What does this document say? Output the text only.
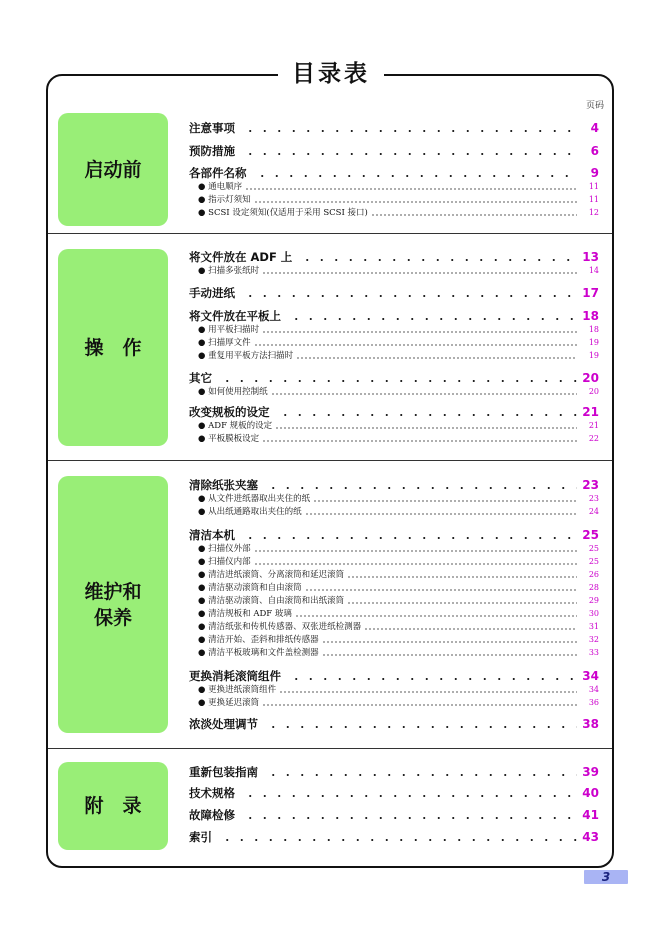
目录表
页码
启动前
操　作
维护和
保养
附　录
注意事项	4
预防措施	6
各部件名称	9
将文件放在 ADF 上	13
手动进纸	17
将文件放在平板上	18
其它	20
改变规板的设定	21
清除纸张夹塞	23
清洁本机	25
更换消耗滚筒组件	34
浓淡处理调节	38
重新包装指南	39
技术规格	40
故障检修	41
索引	43
● 通电顺序	11
● 指示灯须知	11
● SCSI 设定须知(仅适用于采用 SCSI 接口)	12
● 扫描多张纸时	14
● 用平板扫描时	18
● 扫描厚文件	19
● 重复用平板方法扫描时	19
● 如何使用控制纸	20
● ADF 规板的设定	21
● 平板膜板设定	22
● 从文件进纸器取出夹住的纸	23
● 从出纸通路取出夹住的纸	24
● 扫描仪外部	25
● 扫描仪内部	25
● 清洁进纸滚筒、分离滚筒和延迟滚筒	26
● 清洁驱动滚筒和自由滚筒	28
● 清洁驱动滚筒、自由滚筒和出纸滚筒	29
● 清洁规板和 ADF 玻璃	30
● 清洁纸张和传机传感器、双张进纸检测器	31
● 清洁开始、歪斜和排纸传感器	32
● 清洁平板玻璃和文件盖检测器	33
● 更换进纸滚筒组件	34
● 更换延迟滚筒	36
3
